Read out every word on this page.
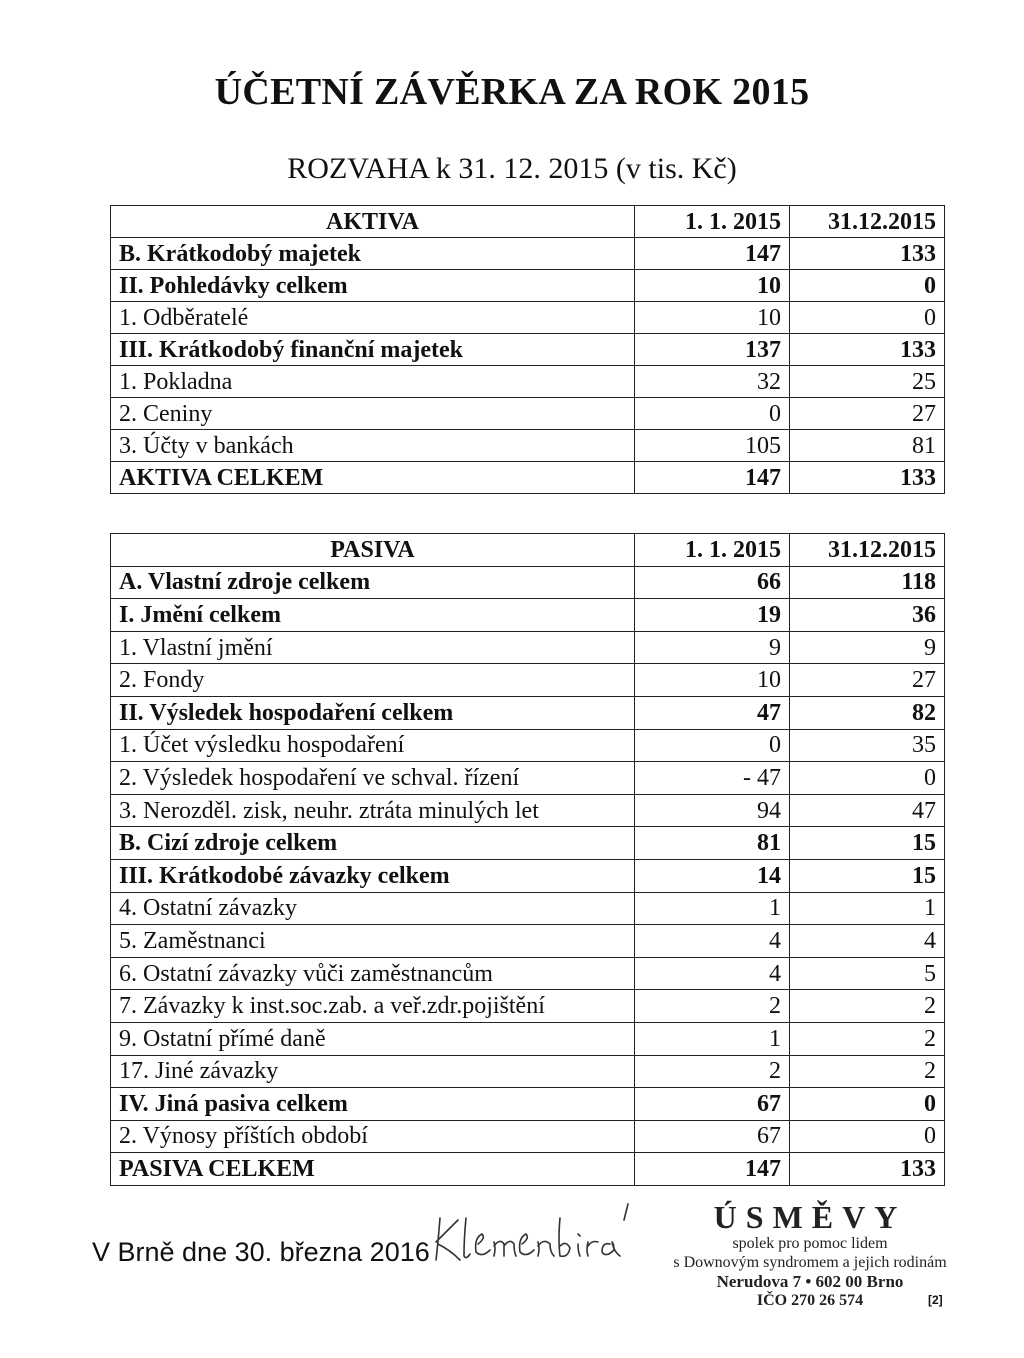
ÚČETNÍ ZÁVĚRKA ZA ROK 2015
ROZVAHA k 31. 12. 2015 (v tis. Kč)
AKTIVA	1. 1. 2015	31.12.2015
B. Krátkodobý majetek	147	133
II. Pohledávky celkem	10	0
1. Odběratelé	10	0
III. Krátkodobý finanční majetek	137	133
1. Pokladna	32	25
2. Ceniny	0	27
3. Účty v bankách	105	81
AKTIVA CELKEM	147	133
PASIVA	1. 1. 2015	31.12.2015
A. Vlastní zdroje celkem	66	118
I. Jmění celkem	19	36
1. Vlastní jmění	9	9
2. Fondy	10	27
II. Výsledek hospodaření celkem	47	82
1. Účet výsledku hospodaření	0	35
2. Výsledek hospodaření ve schval. řízení	- 47	0
3. Nerozděl. zisk, neuhr. ztráta minulých let	94	47
B. Cizí zdroje celkem	81	15
III. Krátkodobé závazky celkem	14	15
4. Ostatní závazky	1	1
5. Zaměstnanci	4	4
6. Ostatní závazky vůči zaměstnancům	4	5
7. Závazky k inst.soc.zab. a veř.zdr.pojištění	2	2
9. Ostatní přímé daně	1	2
17. Jiné závazky	2	2
IV. Jiná pasiva celkem	67	0
2. Výnosy příštích období	67	0
PASIVA CELKEM	147	133
V Brně dne 30. března 2016
ÚSMĚVY
spolek pro pomoc lidem
s Downovým syndromem a jejich rodinám
Nerudova 7 • 602 00 Brno
IČO 270 26 574	[2]
